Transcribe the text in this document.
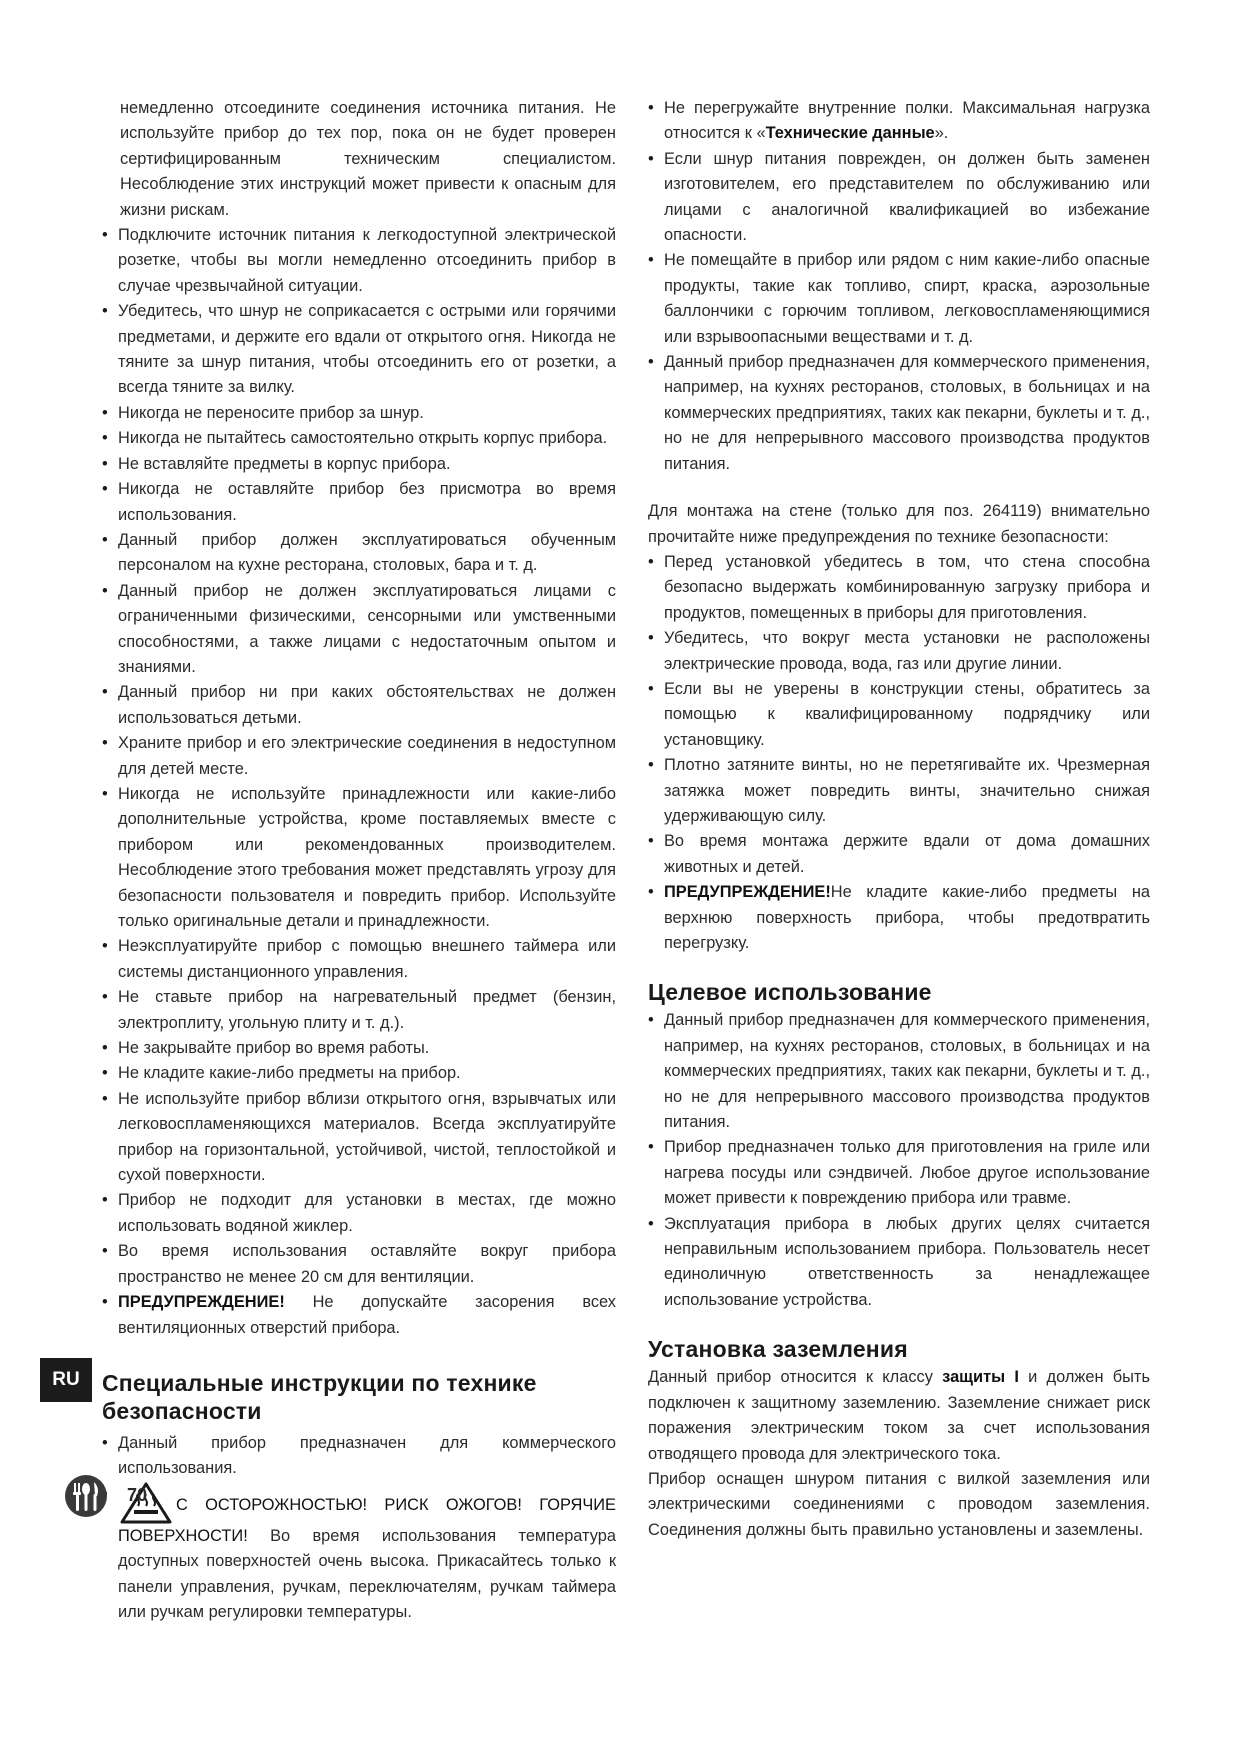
немедленно отсоедините соединения источника питания. Не используйте прибор до тех пор, пока он не будет проверен сертифицированным техническим специалистом. Несоблюдение этих инструкций может привести к опасным для жизни рискам.

• Подключите источник питания к легкодоступной электрической розетке, чтобы вы могли немедленно отсоединить прибор в случае чрезвычайной ситуации.
• Убедитесь, что шнур не соприкасается с острыми или горячими предметами, и держите его вдали от открытого огня. Никогда не тяните за шнур питания, чтобы отсоединить его от розетки, а всегда тяните за вилку.
• Никогда не переносите прибор за шнур.
• Никогда не пытайтесь самостоятельно открыть корпус прибора.
• Не вставляйте предметы в корпус прибора.
• Никогда не оставляйте прибор без присмотра во время использования.
• Данный прибор должен эксплуатироваться обученным персоналом на кухне ресторана, столовых, бара и т. д.
• Данный прибор не должен эксплуатироваться лицами с ограниченными физическими, сенсорными или умственными способностями, а также лицами с недостаточным опытом и знаниями.
• Данный прибор ни при каких обстоятельствах не должен использоваться детьми.
• Храните прибор и его электрические соединения в недоступном для детей месте.
• Никогда не используйте принадлежности или какие-либо дополнительные устройства, кроме поставляемых вместе с прибором или рекомендованных производителем. Несоблюдение этого требования может представлять угрозу для безопасности пользователя и повредить прибор. Используйте только оригинальные детали и принадлежности.
• Неэксплуатируйте прибор с помощью внешнего таймера или системы дистанционного управления.
• Не ставьте прибор на нагревательный предмет (бензин, электроплиту, угольную плиту и т. д.).
• Не закрывайте прибор во время работы.
• Не кладите какие-либо предметы на прибор.
• Не используйте прибор вблизи открытого огня, взрывчатых или легковоспламеняющихся материалов. Всегда эксплуатируйте прибор на горизонтальной, устойчивой, чистой, теплостойкой и сухой поверхности.
• Прибор не подходит для установки в местах, где можно использовать водяной жиклер.
• Во время использования оставляйте вокруг прибора пространство не менее 20 см для вентиляции.
• ПРЕДУПРЕЖДЕНИЕ! Не допускайте засорения всех вентиляционных отверстий прибора.
Специальные инструкции по технике безопасности
• Данный прибор предназначен для коммерческого использования.
• С ОСТОРОЖНОСТЬЮ! РИСК ОЖОГОВ! ГОРЯЧИЕ ПОВЕРХНОСТИ! Во время использования температура доступных поверхностей очень высока. Прикасайтесь только к панели управления, ручкам, переключателям, ручкам таймера или ручкам регулировки температуры.
• Не перегружайте внутренние полки. Максимальная нагрузка относится к «Технические данные».
• Если шнур питания поврежден, он должен быть заменен изготовителем, его представителем по обслуживанию или лицами с аналогичной квалификацией во избежание опасности.
• Не помещайте в прибор или рядом с ним какие-либо опасные продукты, такие как топливо, спирт, краска, аэрозольные баллончики с горючим топливом, легковоспламеняющимися или взрывоопасными веществами и т. д.
• Данный прибор предназначен для коммерческого применения, например, на кухнях ресторанов, столовых, в больницах и на коммерческих предприятиях, таких как пекарни, буклеты и т. д., но не для непрерывного массового производства продуктов питания.

Для монтажа на стене (только для поз. 264119) внимательно прочитайте ниже предупреждения по технике безопасности:

• Перед установкой убедитесь в том, что стена способна безопасно выдержать комбинированную загрузку прибора и продуктов, помещенных в приборы для приготовления.
• Убедитесь, что вокруг места установки не расположены электрические провода, вода, газ или другие линии.
• Если вы не уверены в конструкции стены, обратитесь за помощью к квалифицированному подрядчику или установщику.
• Плотно затяните винты, но не перетягивайте их. Чрезмерная затяжка может повредить винты, значительно снижая удерживающую силу.
• Во время монтажа держите вдали от дома домашних животных и детей.
• ПРЕДУПРЕЖДЕНИЕ!Не кладите какие-либо предметы на верхнюю поверхность прибора, чтобы предотвратить перегрузку.
Целевое использование
• Данный прибор предназначен для коммерческого применения, например, на кухнях ресторанов, столовых, в больницах и на коммерческих предприятиях, таких как пекарни, буклеты и т. д., но не для непрерывного массового производства продуктов питания.
• Прибор предназначен только для приготовления на гриле или нагрева посуды или сэндвичей. Любое другое использование может привести к повреждению прибора или травме.
• Эксплуатация прибора в любых других целях считается неправильным использованием прибора. Пользователь несет единоличную ответственность за ненадлежащее использование устройства.
Установка заземления

Данный прибор относится к классу защиты I и должен быть подключен к защитному заземлению. Заземление снижает риск поражения электрическим током за счет использования отводящего провода для электрического тока.

Прибор оснащен шнуром питания с вилкой заземления или электрическими соединениями с проводом заземления. Соединения должны быть правильно установлены и заземлены.

RU
70
